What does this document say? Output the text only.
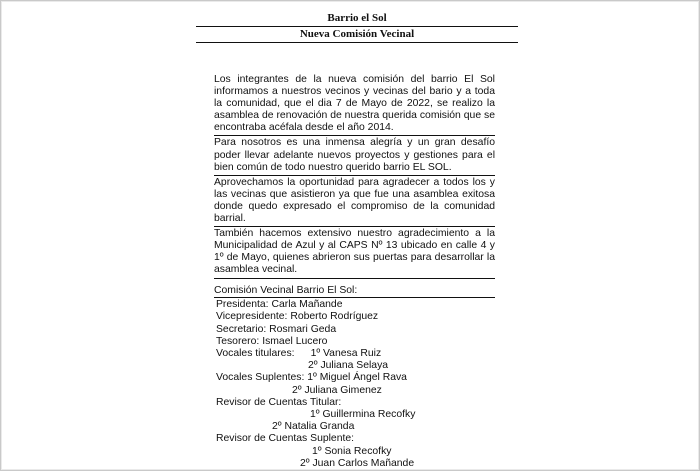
Barrio el Sol
Nueva Comisión Vecinal
Los integrantes de la nueva comisión del barrio El Sol informamos a nuestros vecinos y vecinas del bario y a toda la comunidad, que el dia 7 de Mayo de 2022, se realizo la asamblea de renovación de nuestra querida comisión que se encontraba acéfala desde el año 2014.
Para nosotros es una inmensa alegría y un gran desafío poder llevar adelante nuevos proyectos y gestiones para el bien común de todo nuestro querido barrio EL SOL.
Aprovechamos la oportunidad para agradecer a todos los y las vecinas que asistieron ya que fue una asamblea exitosa donde quedo expresado el compromiso de la comunidad barrial.
También hacemos extensivo nuestro agradecimiento a la Municipalidad de Azul y al CAPS Nº 13 ubicado en calle 4 y 1º de Mayo, quienes abrieron sus puertas para desarrollar la asamblea vecinal.
Comisión Vecinal Barrio El Sol:
Presidenta: Carla Mañande
Vicepresidente: Roberto Rodríguez
Secretario: Rosmari Geda
Tesorero: Ismael Lucero
Vocales titulares: 1º Vanesa Ruiz
2º Juliana Selaya
Vocales Suplentes: 1º Miguel Ángel Rava
2º Juliana Gimenez
Revisor de Cuentas Titular:
1º Guillermina Recofky
2º Natalia Granda
Revisor de Cuentas Suplente:
1º Sonia Recofky
2º Juan Carlos Mañande
